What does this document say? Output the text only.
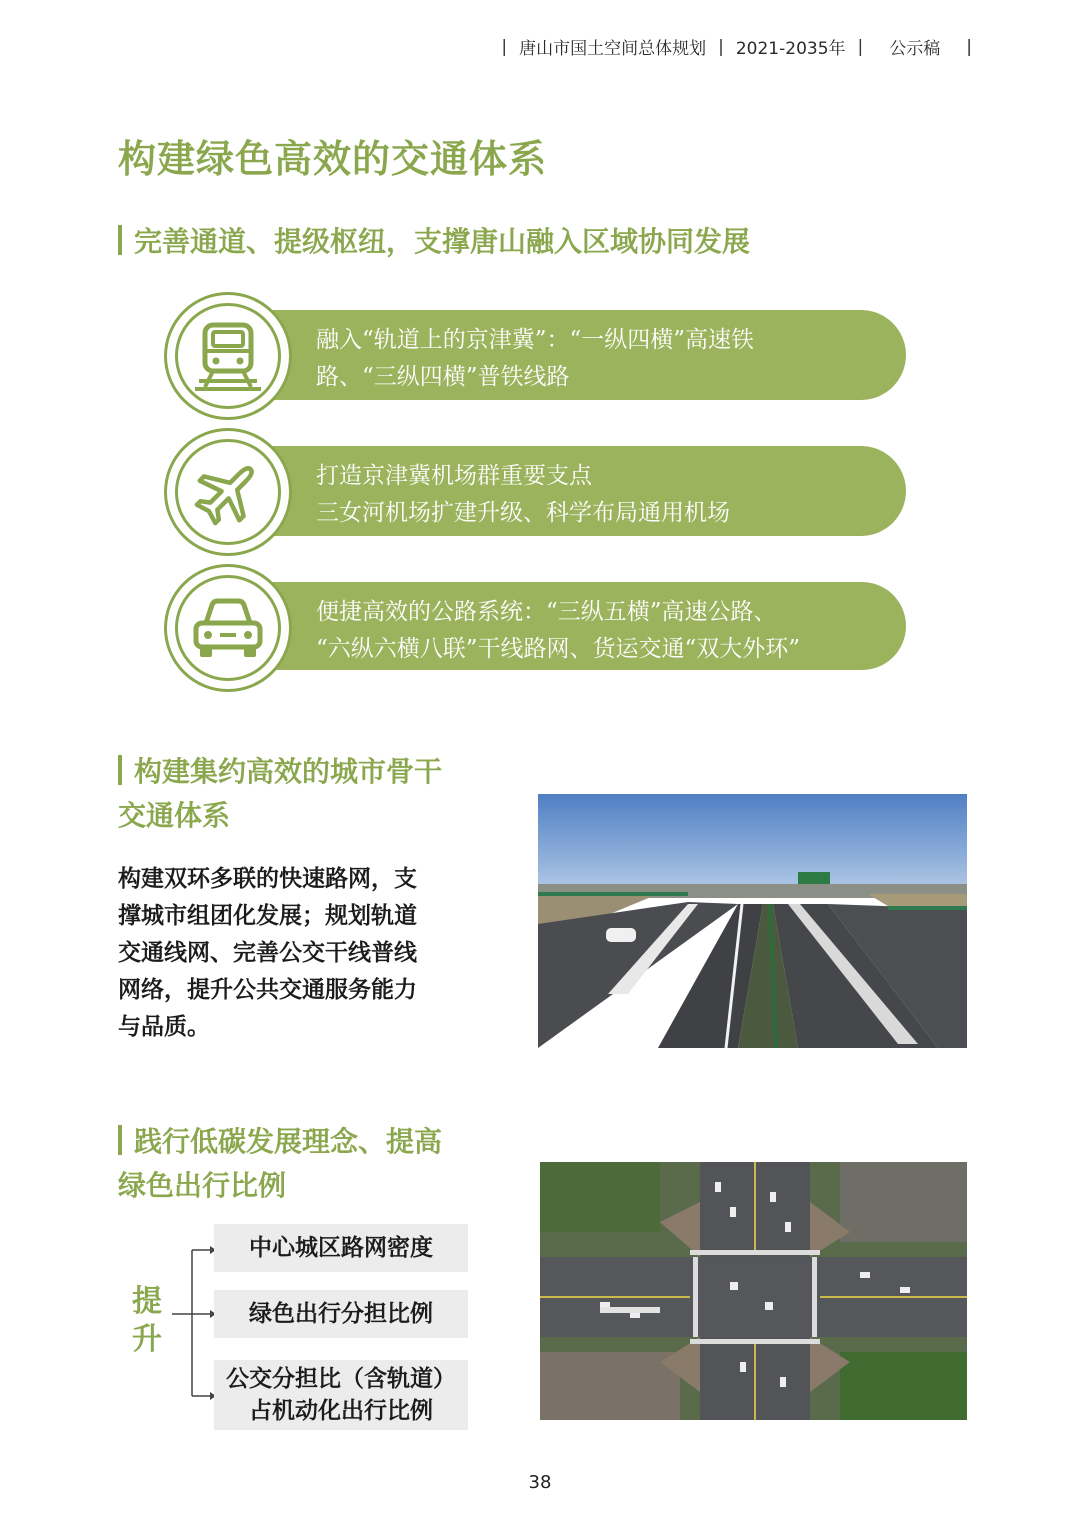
| 唐山市国土空间总体规划 | 2021-2035年 | 公示稿 |
构建绿色高效的交通体系
完善通道、提级枢纽，支撑唐山融入区域协同发展
融入“轨道上的京津冀”：“一纵四横”高速铁
路、“三纵四横”普铁线路
打造京津冀机场群重要支点
三女河机场扩建升级、科学布局通用机场
便捷高效的公路系统：“三纵五横”高速公路、
“六纵六横八联”干线路网、货运交通“双大外环”
构建集约高效的城市骨干
交通体系
构建双环多联的快速路网，支
撑城市组团化发展；规划轨道
交通线网、完善公交干线普线
网络，提升公共交通服务能力
与品质。
践行低碳发展理念、提高
绿色出行比例
提升
中心城区路网密度
绿色出行分担比例
公交分担比（含轨道）
占机动化出行比例
38
